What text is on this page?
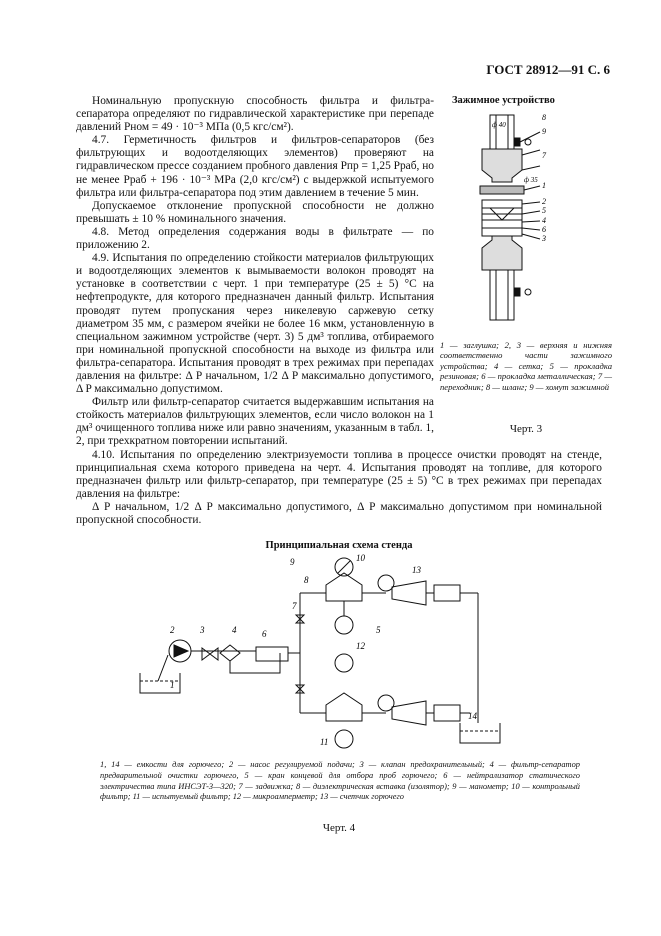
ГОСТ 28912—91 С. 6

Номинальную пропускную способность фильтра и фильтра-сепаратора определяют по гидравлической характеристике при перепаде давлений Pном = 49 · 10⁻³ МПа (0,5 кгс/см²).

4.7. Герметичность фильтров и фильтров-сепараторов (без фильтрующих и водоотделяющих элементов) проверяют на гидравлическом прессе созданием пробного давления Pпр = 1,25 Pраб, но не менее Pраб + 196 · 10⁻³ МРа (2,0 кгс/см²) с выдержкой испытуемого фильтра или фильтра-сепаратора под этим давлением в течение 5 мин.

Допускаемое отклонение пропускной способности не должно превышать ± 10 % номинального значения.

4.8. Метод определения содержания воды в фильтрате — по приложению 2.

4.9. Испытания по определению стойкости материалов фильтрующих и водоотделяющих элементов к вымываемости волокон проводят на установке в соответствии с черт. 1 при температуре (25 ± 5) °С на нефтепродукте, для которого предназначен данный фильтр. Испытания проводят путем пропускания через никелевую саржевую сетку диаметром 35 мм, с размером ячейки не более 16 мкм, установленную в специальном зажимном устройстве (черт. 3) 5 дм³ топлива, отбираемого при номинальной пропускной способности на выходе из фильтра или фильтра-сепаратора. Испытания проводят в трех режимах при перепадах давления на фильтре: Δ P начальном, 1/2 Δ P максимально допустимого, Δ P максимально допустимом.

Фильтр или фильтр-сепаратор считается выдержавшим испытания на стойкость материалов фильтрующих элементов, если число волокон на 1 дм³ очищенного топлива ниже или равно значениям, указанным в табл. 1, 2, при трехкратном повторении испытаний.

4.10. Испытания по определению электризуемости топлива в процессе очистки проводят на стенде, принципиальная схема которого приведена на черт. 4. Испытания проводят на топливе, для которого предназначен фильтр или фильтр-сепаратор, при температуре (25 ± 5) °С в трех режимах при перепадах давления на фильтре:

Δ P начальном, 1/2 Δ P максимально допустимого, Δ P максимально допустимом при номинальной пропускной способности.

Зажимное устройство
ф 40
ф 35
8
9
7
1
2
5
4
6
3
1 — заглушка; 2, 3 — верхняя и нижняя соответственно части зажимного устройства; 4 — сетка; 5 — прокладка резиновая; 6 — прокладка металлическая; 7 — переходник; 8 — шланг; 9 — хомут зажимной
Черт. 3
Принципиальная схема стенда
1
2	3	4	5
6
7
8
9	10
11
12
13
14
1, 14 — емкости для горючего; 2 — насос регулируемой подачи; 3 — клапан предохранительный; 4 — фильтр-сепаратор предварительной очистки горючего, 5 — кран концевой для отбора проб горючего; 6 — нейтрализатор статического электричества типа ИНСЭТ-3—320; 7 — задвижка; 8 — диэлектрическая вставка (изолятор); 9 — манометр; 10 — контрольный фильтр; 11 — испытуемый фильтр; 12 — микроамперметр; 13 — счетчик горючего
Черт. 4
